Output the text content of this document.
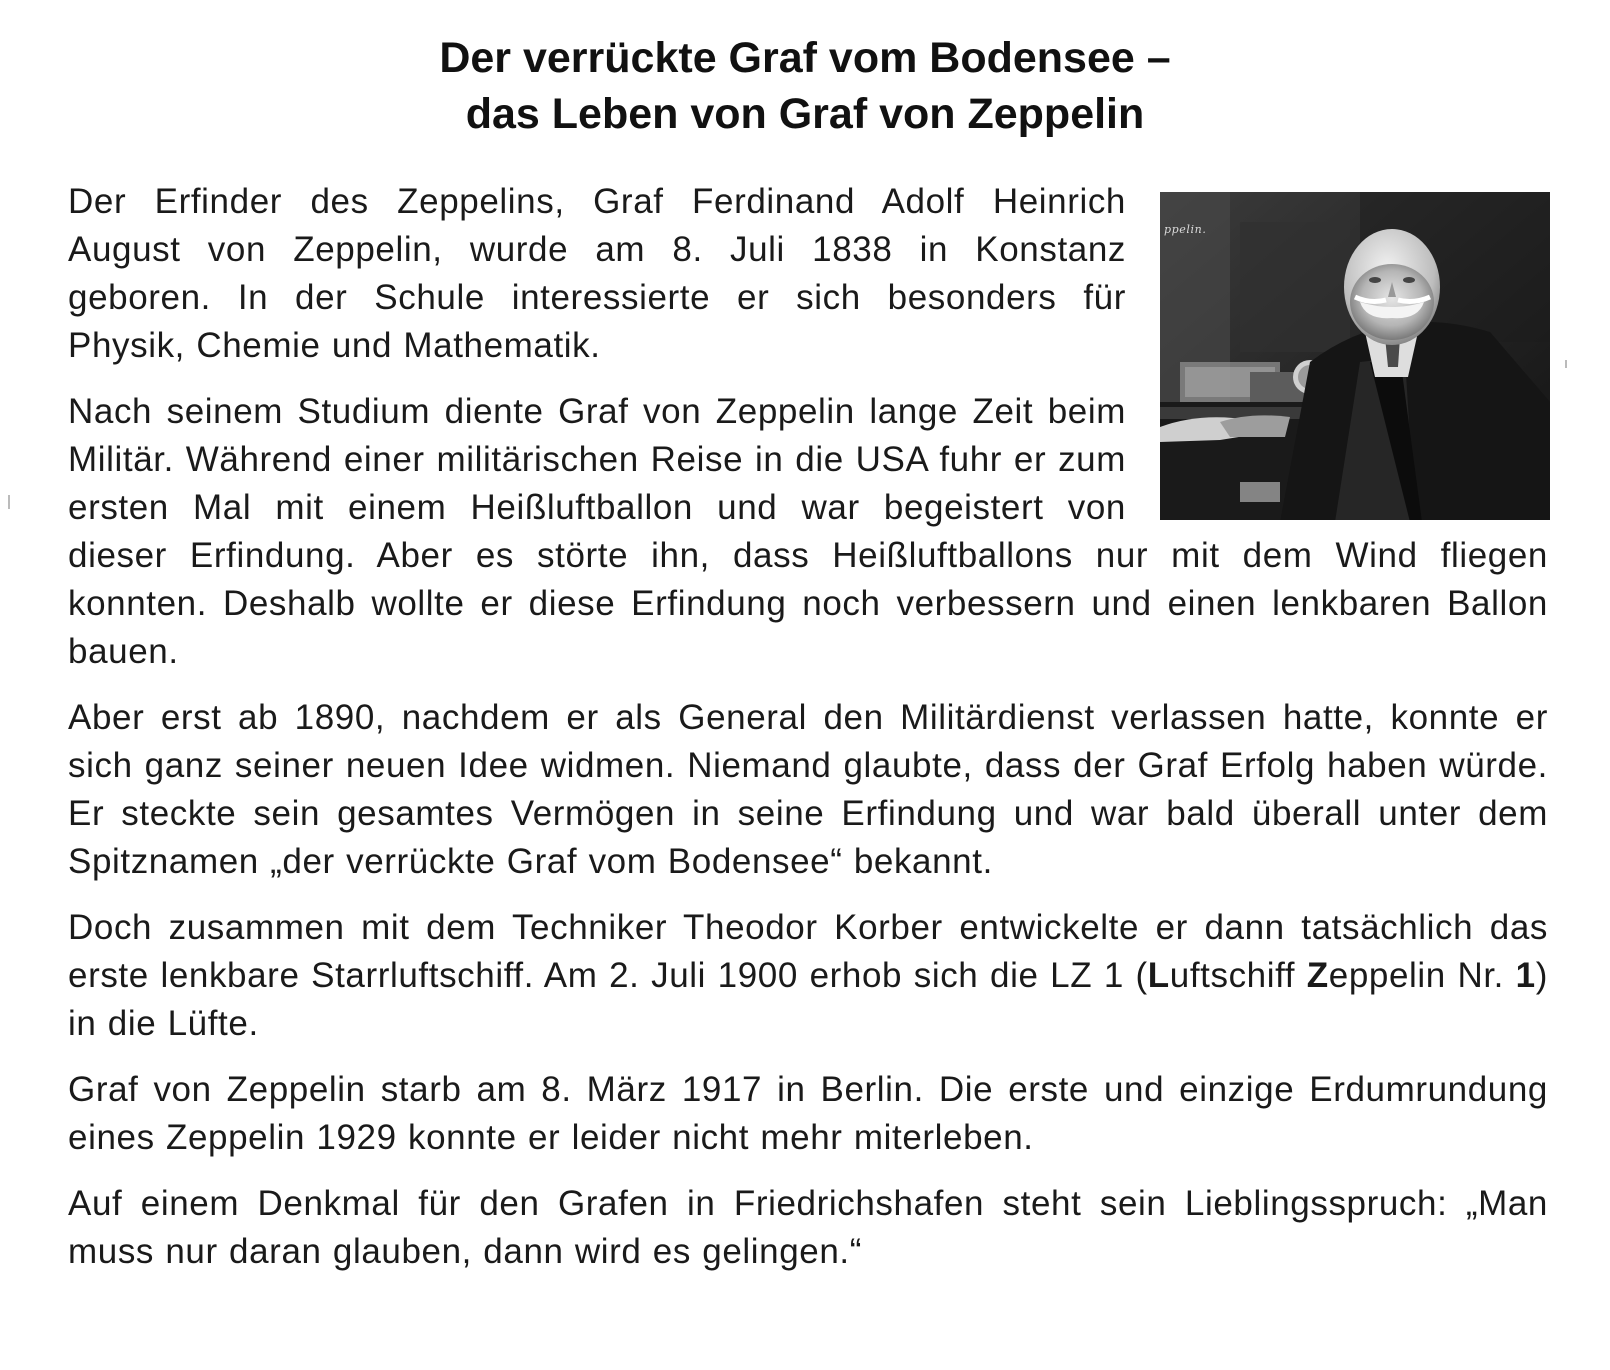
Der verrückte Graf vom Bodensee –
das Leben von Graf von Zeppelin
ppelin.

Der Erfinder des Zeppelins, Graf Ferdinand Adolf Heinrich August von Zeppelin, wurde am 8. Juli 1838 in Konstanz geboren. In der Schule interessierte er sich besonders für Physik, Chemie und Mathematik.

Nach seinem Studium diente Graf von Zeppelin lange Zeit beim Militär. Während einer militärischen Reise in die USA fuhr er zum ersten Mal mit einem Heißluftballon und war begeistert von dieser Erfindung. Aber es störte ihn, dass Heißluftballons nur mit dem Wind fliegen konnten. Deshalb wollte er diese Erfindung noch verbessern und einen lenkbaren Ballon bauen.

Aber erst ab 1890, nachdem er als General den Militärdienst verlassen hatte, konnte er sich ganz seiner neuen Idee widmen. Niemand glaubte, dass der Graf Erfolg haben würde. Er steckte sein gesamtes Vermögen in seine Erfindung und war bald überall unter dem Spitznamen „der verrückte Graf vom Bodensee“ bekannt.

Doch zusammen mit dem Techniker Theodor Korber entwickelte er dann tatsächlich das erste lenkbare Starrluftschiff. Am 2. Juli 1900 erhob sich die LZ 1 (Luftschiff Zeppelin Nr. 1) in die Lüfte.

Graf von Zeppelin starb am 8. März 1917 in Berlin. Die erste und einzige Erdumrundung eines Zeppelin 1929 konnte er leider nicht mehr miterleben.

Auf einem Denkmal für den Grafen in Friedrichshafen steht sein Lieblingsspruch: „Man muss nur daran glauben, dann wird es gelingen.“
